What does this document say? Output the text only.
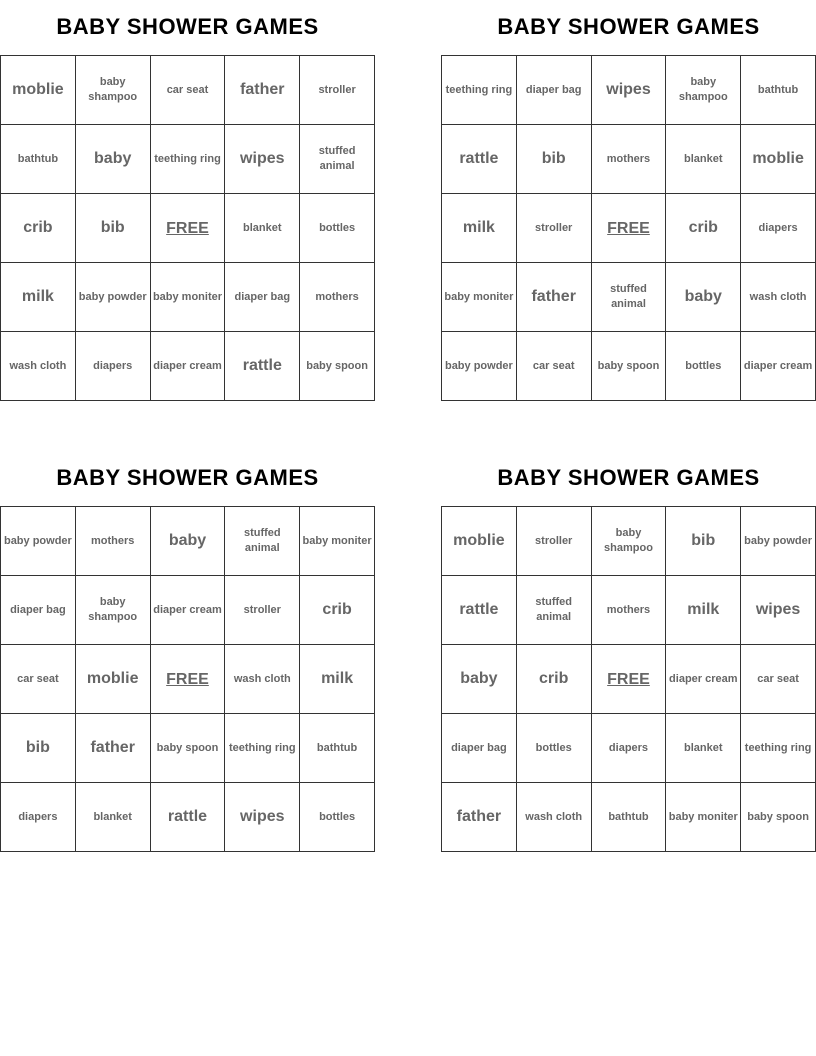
BABY SHOWER GAMES
moblie	baby shampoo	car seat	father	stroller
bathtub	baby	teething ring	wipes	stuffed animal
crib	bib	FREE	blanket	bottles
milk	baby powder	baby moniter	diaper bag	mothers
wash cloth	diapers	diaper cream	rattle	baby spoon
BABY SHOWER GAMES
teething ring	diaper bag	wipes	baby shampoo	bathtub
rattle	bib	mothers	blanket	moblie
milk	stroller	FREE	crib	diapers
baby moniter	father	stuffed animal	baby	wash cloth
baby powder	car seat	baby spoon	bottles	diaper cream
BABY SHOWER GAMES
baby powder	mothers	baby	stuffed animal	baby moniter
diaper bag	baby shampoo	diaper cream	stroller	crib
car seat	moblie	FREE	wash cloth	milk
bib	father	baby spoon	teething ring	bathtub
diapers	blanket	rattle	wipes	bottles
BABY SHOWER GAMES
moblie	stroller	baby shampoo	bib	baby powder
rattle	stuffed animal	mothers	milk	wipes
baby	crib	FREE	diaper cream	car seat
diaper bag	bottles	diapers	blanket	teething ring
father	wash cloth	bathtub	baby moniter	baby spoon
